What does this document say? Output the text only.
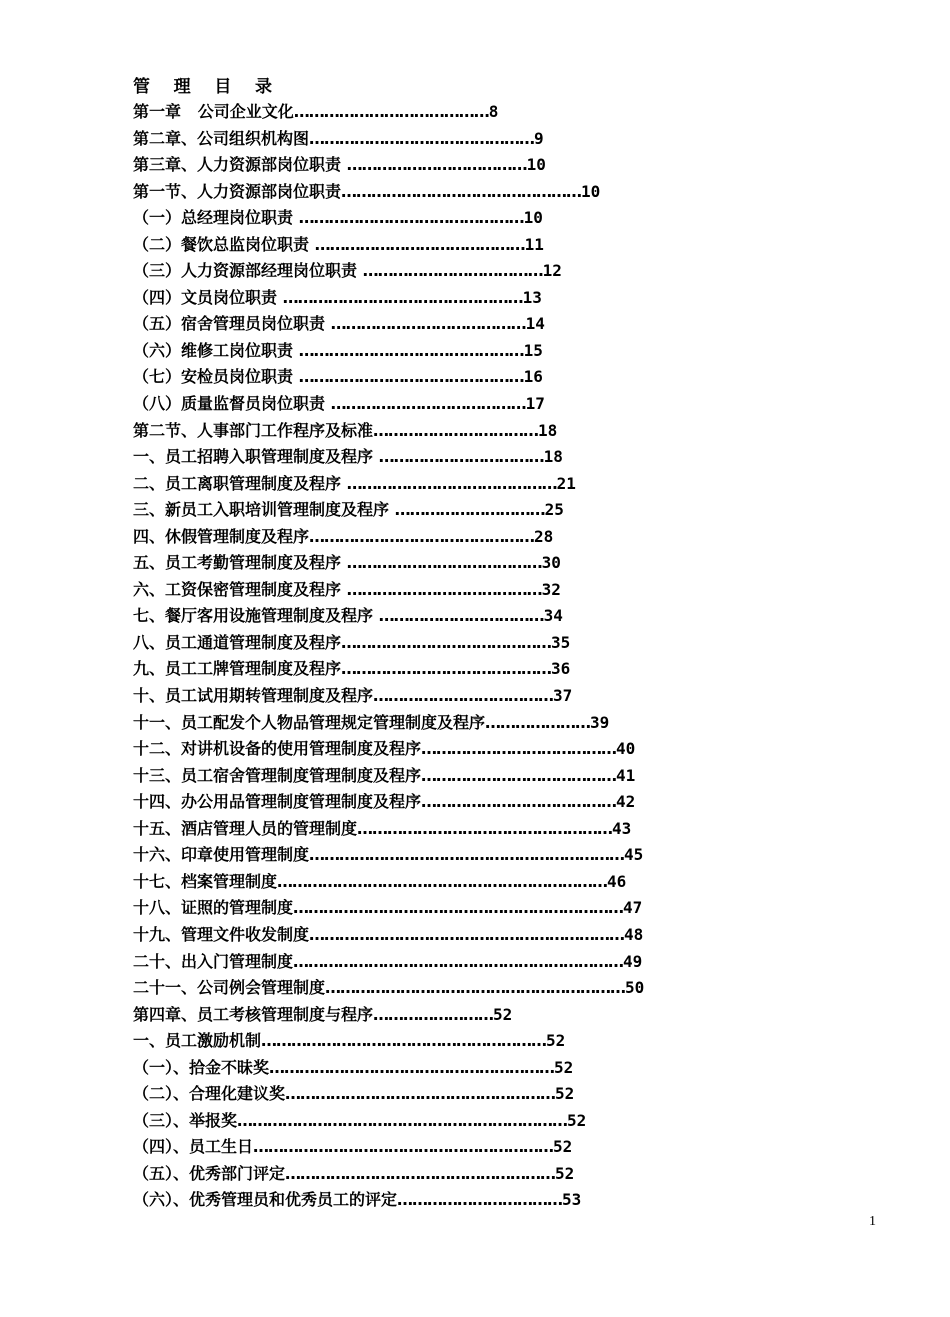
管    理    目    录
第一章   公司企业文化…………………………………8
第二章、公司组织机构图………………………………………9
第三章、人力资源部岗位职责 ………………………………10
第一节、人力资源部岗位职责…………………………………………10
（一）总经理岗位职责 ………………………………………10
（二）餐饮总监岗位职责 ……………………………………11
（三）人力资源部经理岗位职责 ………………………………12
（四）文员岗位职责 …………………………………………13
（五）宿舍管理员岗位职责 …………………………………14
（六）维修工岗位职责 ………………………………………15
（七）安检员岗位职责 ………………………………………16
（八）质量监督员岗位职责 …………………………………17
第二节、人事部门工作程序及标准……………………………18
一、员工招聘入职管理制度及程序 ……………………………18
二、员工离职管理制度及程序 ……………………………………21
三、新员工入职培训管理制度及程序 …………………………25
四、休假管理制度及程序………………………………………28
五、员工考勤管理制度及程序 …………………………………30
六、工资保密管理制度及程序 …………………………………32
七、餐厅客用设施管理制度及程序 ……………………………34
八、员工通道管理制度及程序……………………………………35
九、员工工牌管理制度及程序……………………………………36
十、员工试用期转管理制度及程序………………………………37
十一、员工配发个人物品管理规定管理制度及程序…………………39
十二、对讲机设备的使用管理制度及程序…………………………………40
十三、员工宿舍管理制度管理制度及程序…………………………………41
十四、办公用品管理制度管理制度及程序…………………………………42
十五、酒店管理人员的管理制度……………………………………………43
十六、印章使用管理制度………………………………………………………45
十七、档案管理制度…………………………………………………………46
十八、证照的管理制度…………………………………………………………47
十九、管理文件收发制度………………………………………………………48
二十、出入门管理制度…………………………………………………………49
二十一、公司例会管理制度……………………………………………………50
第四章、员工考核管理制度与程序……………………52
一、员工激励机制…………………………………………………52
（一）、拾金不昧奖…………………………………………………52
（二）、合理化建议奖………………………………………………52
（三）、举报奖…………………………………………………………52
（四）、员工生日……………………………………………………52
（五）、优秀部门评定………………………………………………52
（六）、优秀管理员和优秀员工的评定……………………………53
1
